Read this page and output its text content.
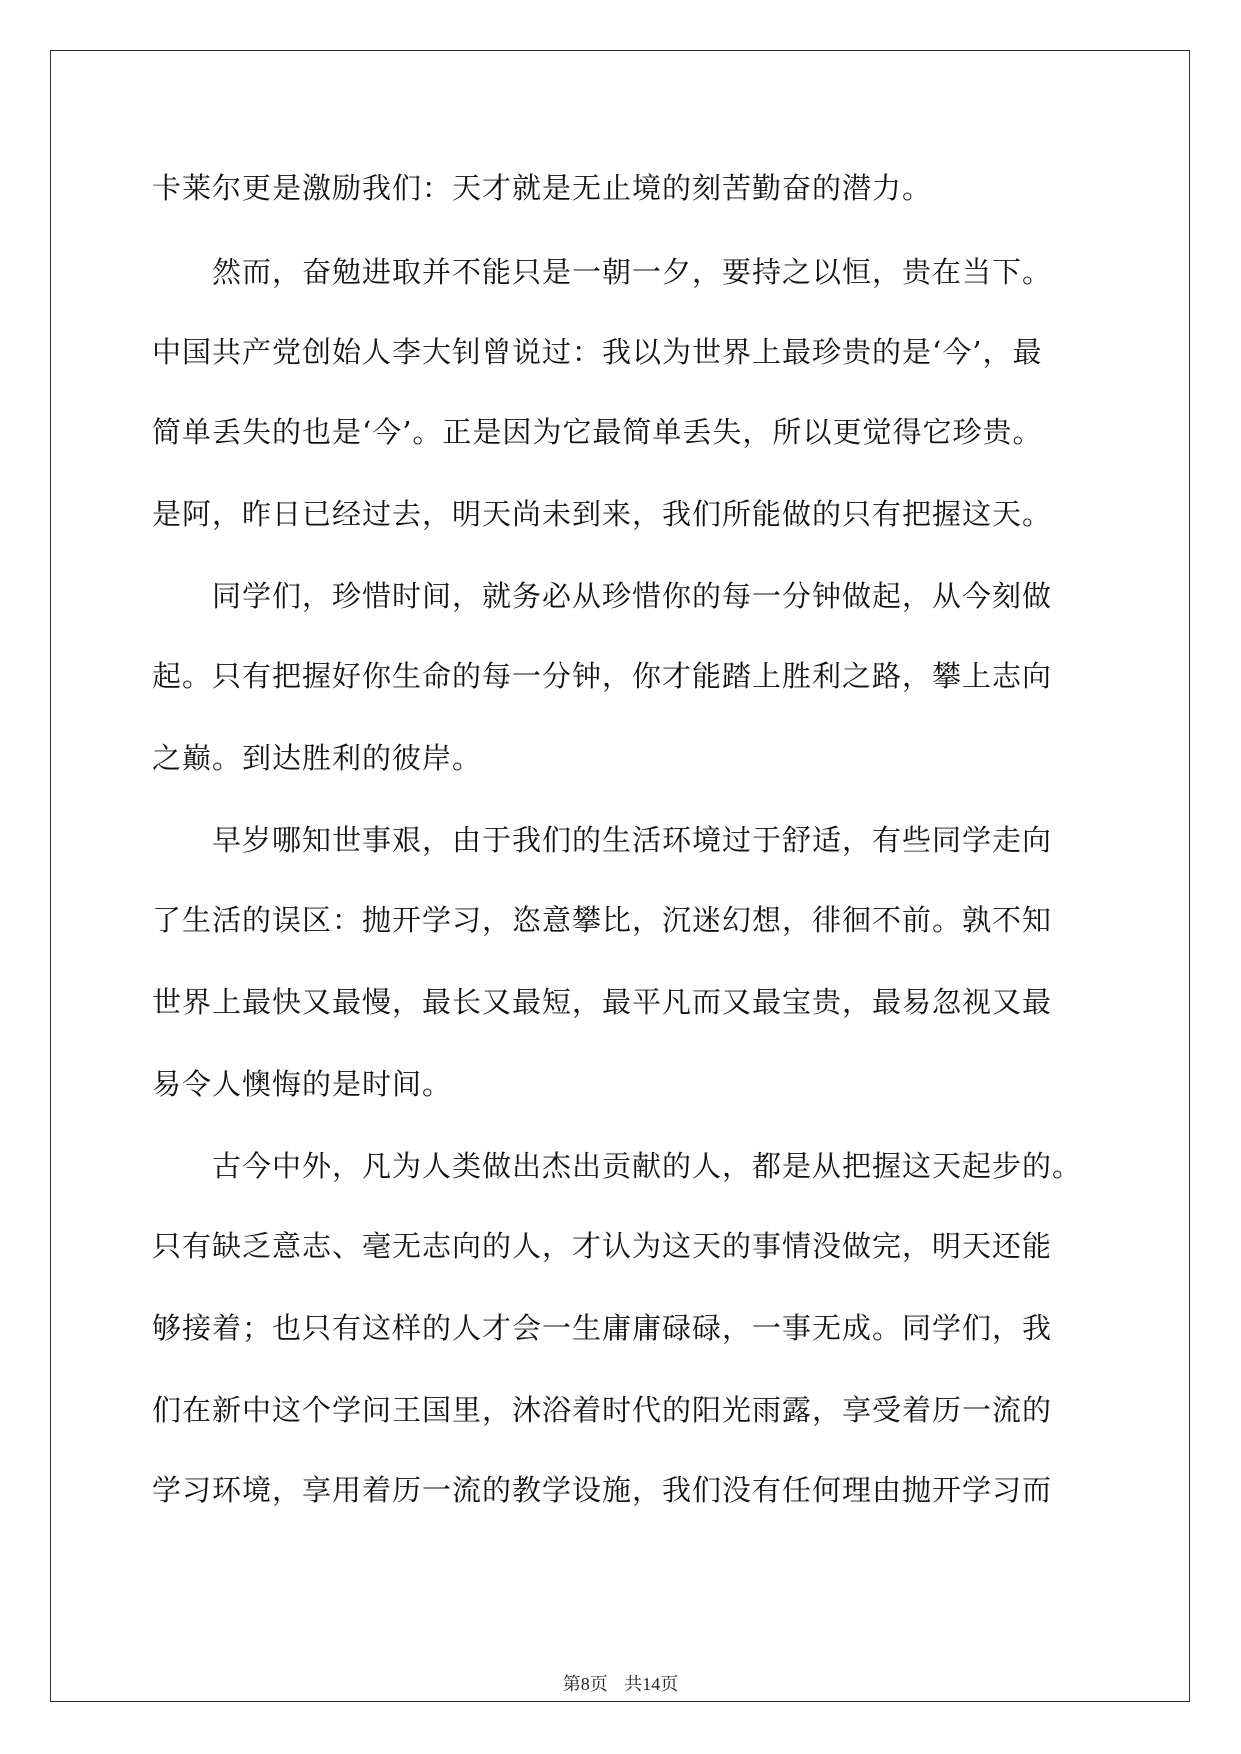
卡莱尔更是激励我们：天才就是无止境的刻苦勤奋的潜力。
　　然而，奋勉进取并不能只是一朝一夕，要持之以恒，贵在当下。
中国共产党创始人李大钊曾说过：我以为世界上最珍贵的是‘今’，最
简单丢失的也是‘今’。正是因为它最简单丢失，所以更觉得它珍贵。
是阿，昨日已经过去，明天尚未到来，我们所能做的只有把握这天。
　　同学们，珍惜时间，就务必从珍惜你的每一分钟做起，从今刻做
起。只有把握好你生命的每一分钟，你才能踏上胜利之路，攀上志向
之巅。到达胜利的彼岸。
　　早岁哪知世事艰，由于我们的生活环境过于舒适，有些同学走向
了生活的误区：抛开学习，恣意攀比，沉迷幻想，徘徊不前。孰不知
世界上最快又最慢，最长又最短，最平凡而又最宝贵，最易忽视又最
易令人懊悔的是时间。
　　古今中外，凡为人类做出杰出贡献的人，都是从把握这天起步的。
只有缺乏意志、毫无志向的人，才认为这天的事情没做完，明天还能
够接着；也只有这样的人才会一生庸庸碌碌，一事无成。同学们，我
们在新中这个学问王国里，沐浴着时代的阳光雨露，享受着历一流的
学习环境，享用着历一流的教学设施，我们没有任何理由抛开学习而
第8页 共14页
